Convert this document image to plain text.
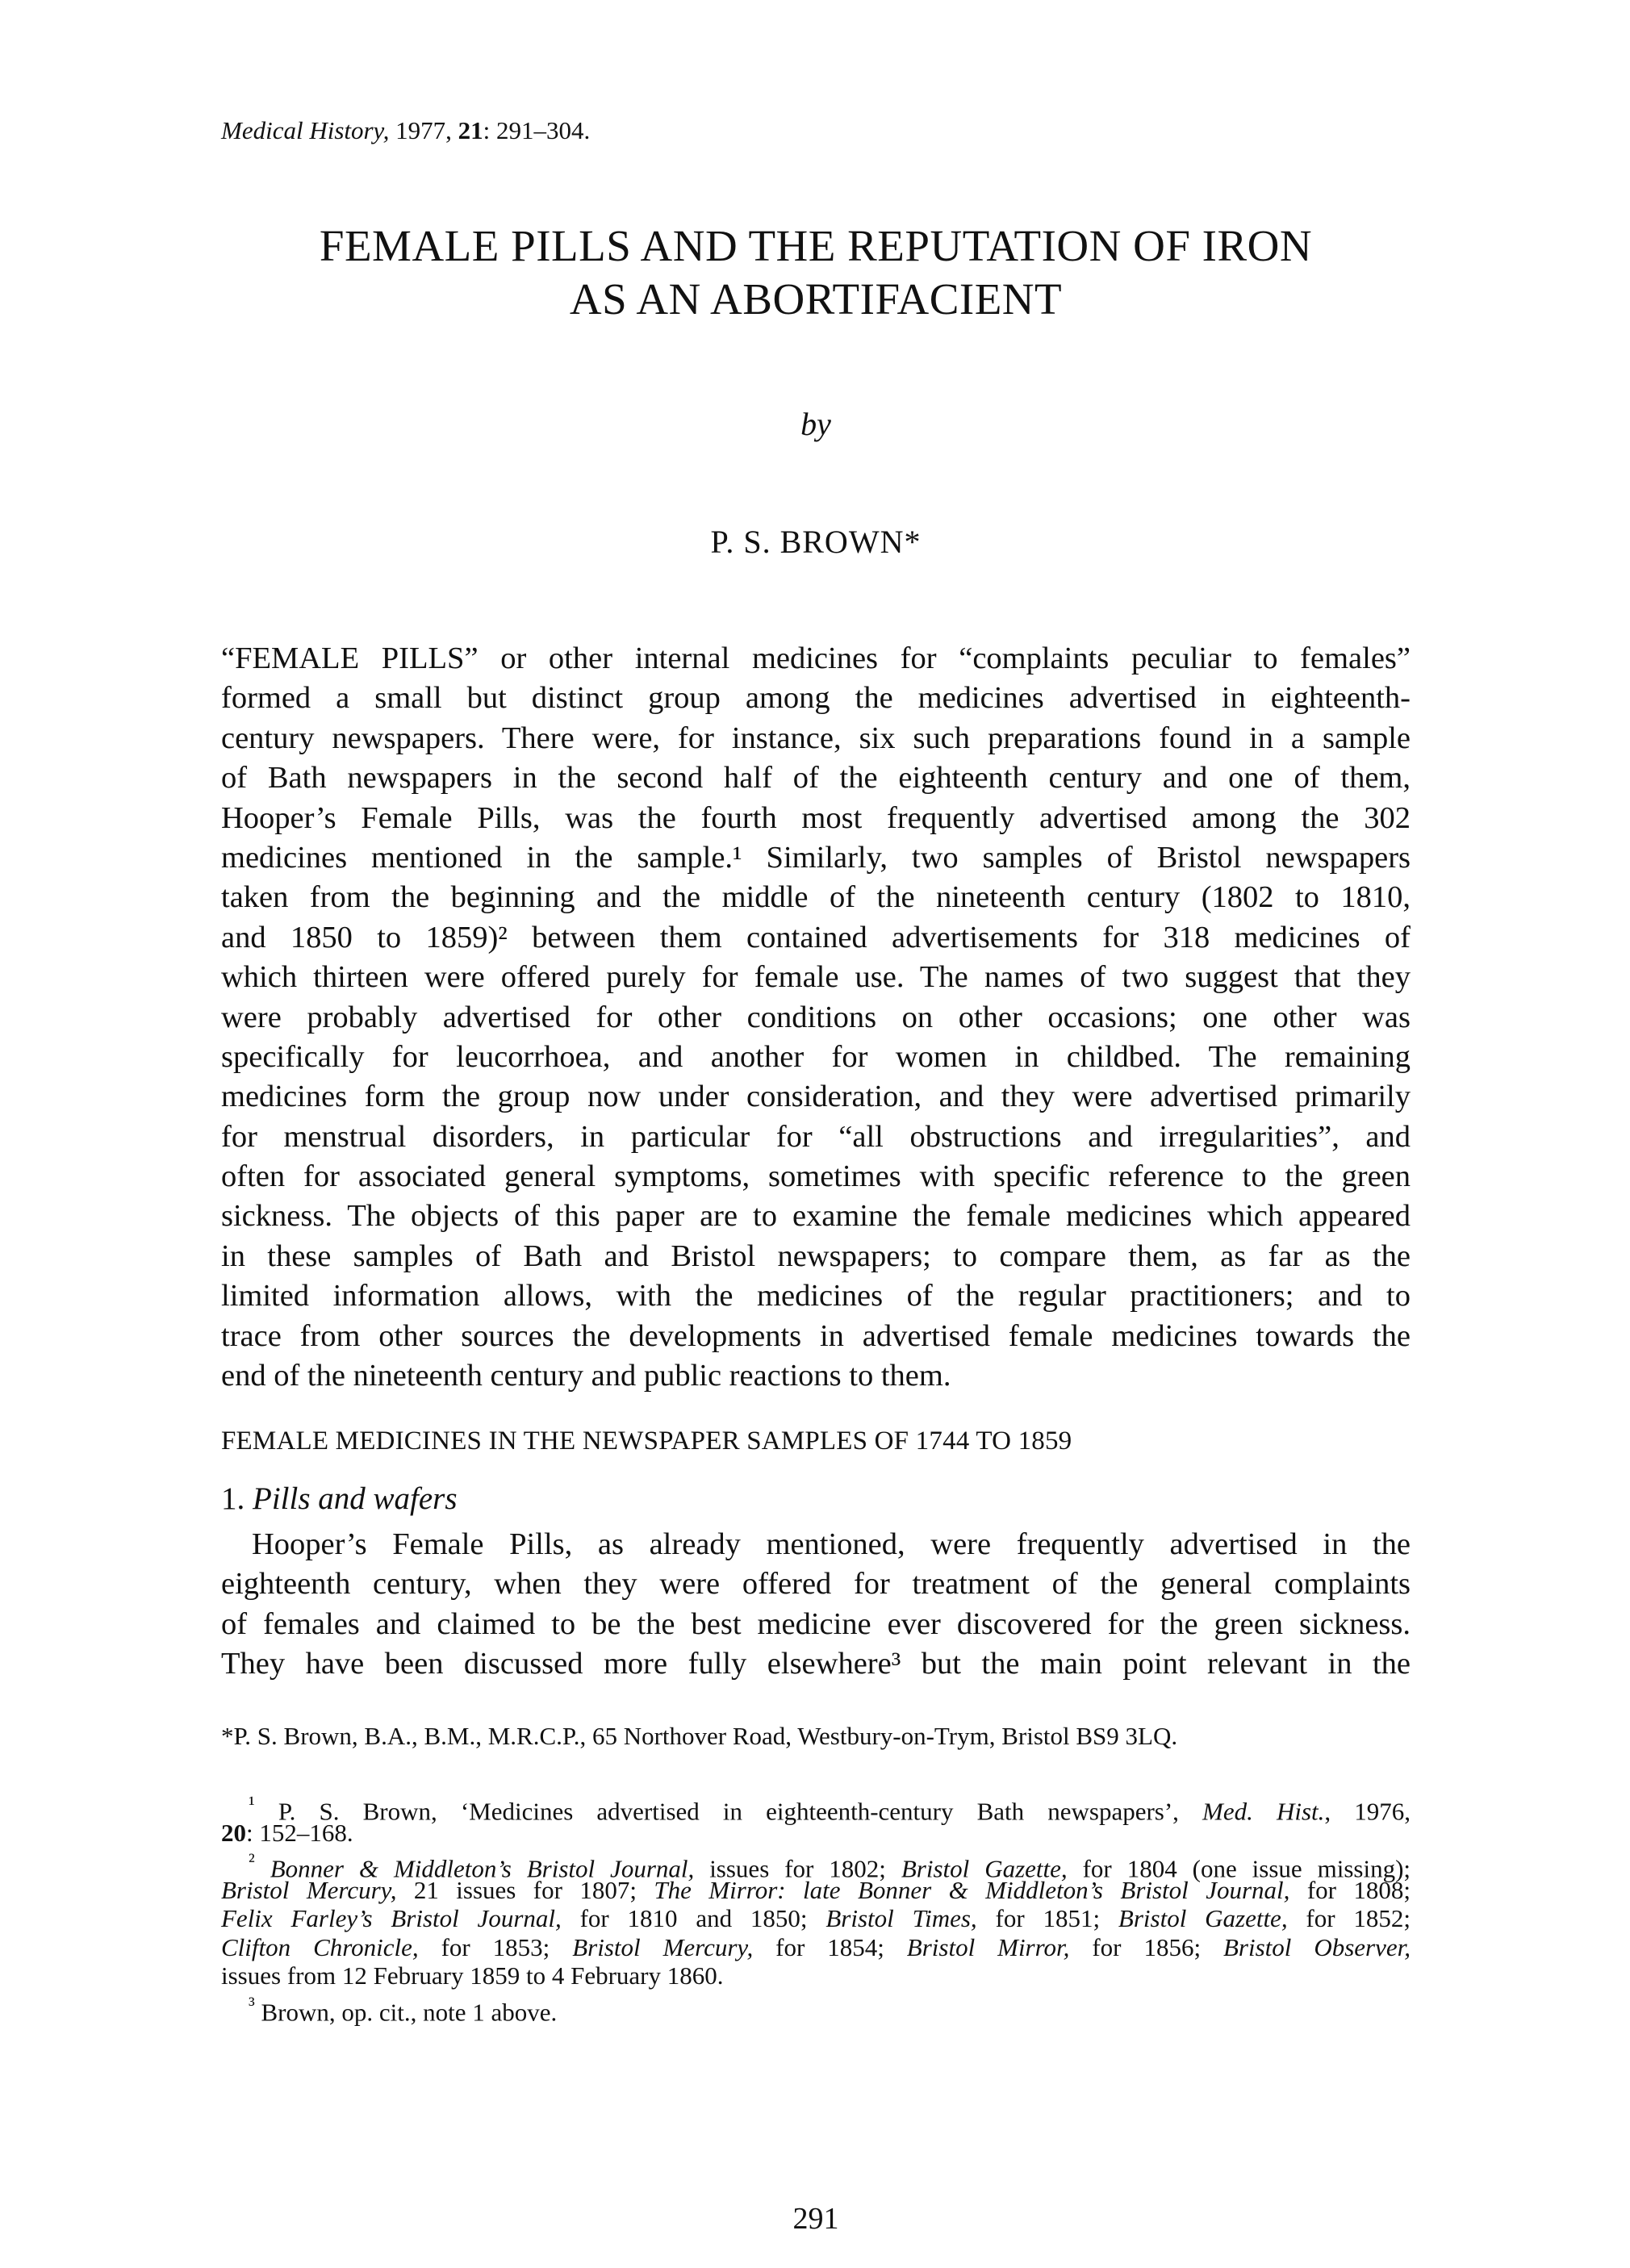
Medical History, 1977, 21: 291–304.
FEMALE PILLS AND THE REPUTATION OF IRON
AS AN ABORTIFACIENT
by
P. S. BROWN*
“FEMALE PILLS” or other internal medicines for “complaints peculiar to females”
formed a small but distinct group among the medicines advertised in eighteenth-
century newspapers. There were, for instance, six such preparations found in a sample
of Bath newspapers in the second half of the eighteenth century and one of them,
Hooper’s Female Pills, was the fourth most frequently advertised among the 302
medicines mentioned in the sample.¹ Similarly, two samples of Bristol newspapers
taken from the beginning and the middle of the nineteenth century (1802 to 1810,
and 1850 to 1859)² between them contained advertisements for 318 medicines of
which thirteen were offered purely for female use. The names of two suggest that they
were probably advertised for other conditions on other occasions; one other was
specifically for leucorrhoea, and another for women in childbed. The remaining
medicines form the group now under consideration, and they were advertised primarily
for menstrual disorders, in particular for “all obstructions and irregularities”, and
often for associated general symptoms, sometimes with specific reference to the green
sickness. The objects of this paper are to examine the female medicines which appeared
in these samples of Bath and Bristol newspapers; to compare them, as far as the
limited information allows, with the medicines of the regular practitioners; and to
trace from other sources the developments in advertised female medicines towards the
end of the nineteenth century and public reactions to them.
FEMALE MEDICINES IN THE NEWSPAPER SAMPLES OF 1744 TO 1859
1. Pills and wafers
Hooper’s Female Pills, as already mentioned, were frequently advertised in the
eighteenth century, when they were offered for treatment of the general complaints
of females and claimed to be the best medicine ever discovered for the green sickness.
They have been discussed more fully elsewhere³ but the main point relevant in the
*P. S. Brown, B.A., B.M., M.R.C.P., 65 Northover Road, Westbury-on-Trym, Bristol BS9 3LQ.
$^{^1}$ P. S. Brown, ‘Medicines advertised in eighteenth-century Bath newspapers’, Med. Hist., 1976,
20: 152–168.
$^{^2}$ Bonner & Middleton’s Bristol Journal, issues for 1802; Bristol Gazette, for 1804 (one issue missing);
Bristol Mercury, 21 issues for 1807; The Mirror: late Bonner & Middleton’s Bristol Journal, for 1808;
Felix Farley’s Bristol Journal, for 1810 and 1850; Bristol Times, for 1851; Bristol Gazette, for 1852;
Clifton Chronicle, for 1853; Bristol Mercury, for 1854; Bristol Mirror, for 1856; Bristol Observer,
issues from 12 February 1859 to 4 February 1860.
$^{^3}$ Brown, op. cit., note 1 above.
291
